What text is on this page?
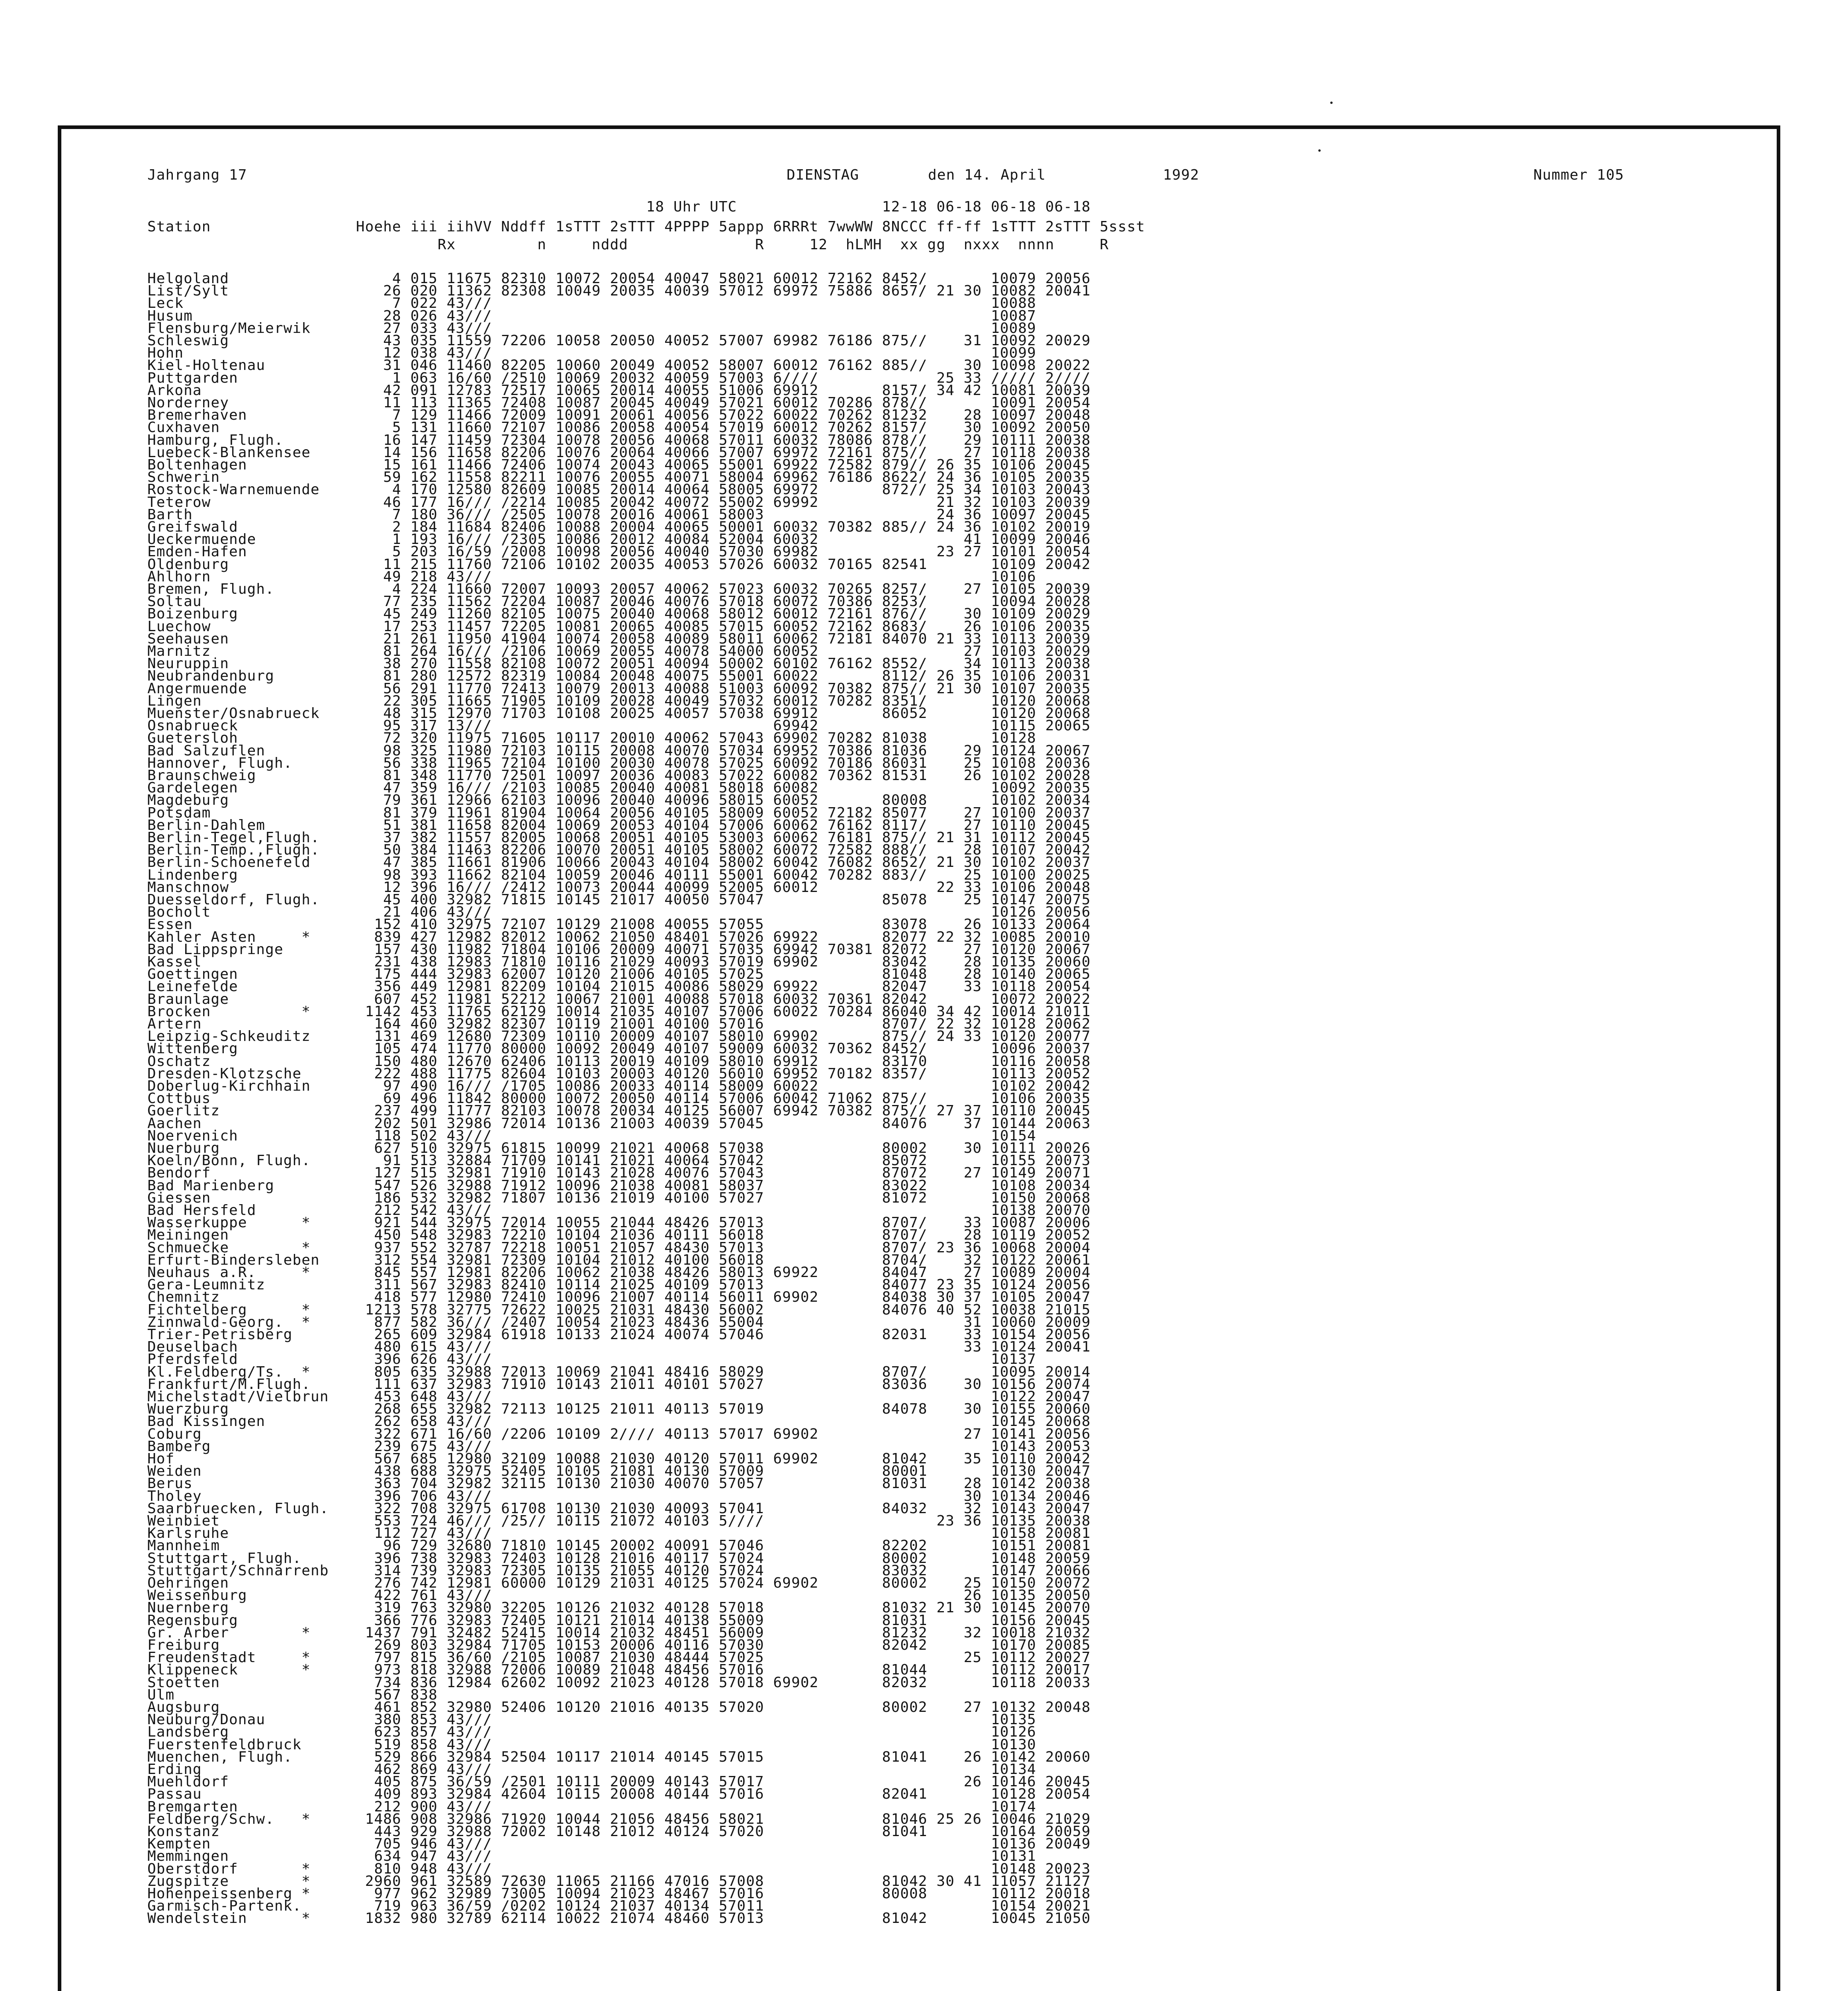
Jahrgang 17	DIENSTAG	den 14. April	1992	Nummer 105

18 Uhr UTC                12-18 06-18 06-18 06-18

Station                Hoehe iii iihVV Nddff 1sTTT 2sTTT 4PPPP 5appp 6RRRt 7wwWW 8NCCC ff-ff 1sTTT 2sTTT 5ssst

Rx         n     nddd              R     12  hLMH  xx gg  nxxx  nnnn     R

Helgoland                  4 015 11675 82310 10072 20054 40047 58021 60012 72162 8452/       10079 20056

List/Sylt                 26 020 11362 82308 10049 20035 40039 57012 69972 75886 8657/ 21 30 10082 20041

Leck                       7 022 43///                                                       10088

Husum                     28 026 43///                                                       10087

Flensburg/Meierwik        27 033 43///                                                       10089

Schleswig                 43 035 11559 72206 10058 20050 40052 57007 69982 76186 875//    31 10092 20029

Hohn                      12 038 43///                                                       10099

Kiel-Holtenau             31 046 11460 82205 10060 20049 40052 58007 60012 76162 885//    30 10098 20022

Puttgarden                 1 063 16/60 /2510 10069 20032 40059 57003 6////             25 33 ///// 2////

Arkona                    42 091 12783 72517 10065 20014 40055 51006 69912       8157/ 34 42 10081 20039

Norderney                 11 113 11365 72408 10087 20045 40049 57021 60012 70286 878//       10091 20054

Bremerhaven                7 129 11466 72009 10091 20061 40056 57022 60022 70262 81232    28 10097 20048

Cuxhaven                   5 131 11660 72107 10086 20058 40054 57019 60012 70262 8157/    30 10092 20050

Hamburg, Flugh.           16 147 11459 72304 10078 20056 40068 57011 60032 78086 878//    29 10111 20038

Luebeck-Blankensee        14 156 11658 82206 10076 20064 40066 57007 69972 72161 875//    27 10118 20038

Boltenhagen               15 161 11466 72406 10074 20043 40065 55001 69922 72582 879// 26 35 10106 20045

Schwerin                  59 162 11558 82211 10076 20055 40071 58004 69962 76186 8622/ 24 36 10105 20035

Rostock-Warnemuende        4 170 12580 82609 10085 20014 40064 58005 69972       872// 25 34 10103 20043

Teterow                   46 177 16/// /2214 10085 20042 40072 55002 69992             21 32 10103 20039

Barth                      7 180 36/// /2505 10078 20016 40061 58003                   24 36 10097 20045

Greifswald                 2 184 11684 82406 10088 20004 40065 50001 60032 70382 885// 24 36 10102 20019

Ueckermuende               1 193 16/// /2305 10086 20012 40084 52004 60032                41 10099 20046

Emden-Hafen                5 203 16/59 /2008 10098 20056 40040 57030 69982             23 27 10101 20054

Oldenburg                 11 215 11760 72106 10102 20035 40053 57026 60032 70165 82541       10109 20042

Ahlhorn                   49 218 43///                                                       10106

Bremen, Flugh.             4 224 11660 72007 10093 20057 40062 57023 60032 70265 8257/    27 10105 20039

Soltau                    77 235 11562 72204 10087 20046 40076 57018 60072 70386 8253/       10094 20028

Boizenburg                45 249 11260 82105 10075 20040 40068 58012 60012 72161 876//    30 10109 20029

Luechow                   17 253 11457 72205 10081 20065 40085 57015 60052 72162 8683/    26 10106 20035

Seehausen                 21 261 11950 41904 10074 20058 40089 58011 60062 72181 84070 21 33 10113 20039

Marnitz                   81 264 16/// /2106 10069 20055 40078 54000 60052                27 10103 20029

Neuruppin                 38 270 11558 82108 10072 20051 40094 50002 60102 76162 8552/    34 10113 20038

Neubrandenburg            81 280 12572 82319 10084 20048 40075 55001 60022       8112/ 26 35 10106 20031

Angermuende               56 291 11770 72413 10079 20013 40088 51003 60092 70382 875// 21 30 10107 20035

Lingen                    22 305 11665 71905 10109 20028 40049 57032 60012 70282 8351/       10120 20068

Muenster/Osnabrueck       48 315 12970 71703 10108 20025 40057 57038 69912       86052       10120 20068

Osnabrueck                95 317 13///                               69942                   10115 20065

Guetersloh                72 320 11975 71605 10117 20010 40062 57043 69902 70282 81038       10128

Bad Salzuflen             98 325 11980 72103 10115 20008 40070 57034 69952 70386 81036    29 10124 20067

Hannover, Flugh.          56 338 11965 72104 10100 20030 40078 57025 60092 70186 86031    25 10108 20036

Braunschweig              81 348 11770 72501 10097 20036 40083 57022 60082 70362 81531    26 10102 20028

Gardelegen                47 359 16/// /2103 10085 20040 40081 58018 60082                   10092 20035

Magdeburg                 79 361 12966 62103 10096 20040 40096 58015 60052       80008       10102 20034

Potsdam                   81 379 11961 81904 10064 20056 40105 58009 60052 72182 85077    27 10100 20037

Berlin-Dahlem             51 381 11658 82004 10069 20053 40104 57006 60062 76162 8117/    27 10110 20045

Berlin-Tegel,Flugh.       37 382 11557 82005 10068 20051 40105 53003 60062 76181 875// 21 31 10112 20045

Berlin-Temp.,Flugh.       50 384 11463 82206 10070 20051 40105 58002 60072 72582 888//    28 10107 20042

Berlin-Schoenefeld        47 385 11661 81906 10066 20043 40104 58002 60042 76082 8652/ 21 30 10102 20037

Lindenberg                98 393 11662 82104 10059 20046 40111 55001 60042 70282 883//    25 10100 20025

Manschnow                 12 396 16/// /2412 10073 20044 40099 52005 60012             22 33 10106 20048

Duesseldorf, Flugh.       45 400 32982 71815 10145 21017 40050 57047             85078    25 10147 20075

Bocholt                   21 406 43///                                                       10126 20056

Essen                    152 410 32975 72107 10129 21008 40055 57055             83078    26 10133 20064

Kahler Asten     *       839 427 12982 82012 10062 21050 48401 57026 69922       82077 22 32 10085 20010

Bad Lippspringe          157 430 11982 71804 10106 20009 40071 57035 69942 70381 82072    27 10120 20067

Kassel                   231 438 12983 71810 10116 21029 40093 57019 69902       83042    28 10135 20060

Goettingen               175 444 32983 62007 10120 21006 40105 57025             81048    28 10140 20065

Leinefelde               356 449 12981 82209 10104 21015 40086 58029 69922       82047    33 10118 20054

Braunlage                607 452 11981 52212 10067 21001 40088 57018 60032 70361 82042       10072 20022

Brocken          *      1142 453 11765 62129 10014 21035 40107 57006 60022 70284 86040 34 42 10014 21011

Artern                   164 460 32982 82307 10119 21001 40100 57016             8707/ 22 32 10128 20062

Leipzig-Schkeuditz       131 469 12680 72309 10110 20009 40107 58010 69902       875// 24 33 10120 20077

Wittenberg               105 474 11770 80000 10092 20049 40107 59009 60032 70362 8452/       10096 20037

Oschatz                  150 480 12670 62406 10113 20019 40109 58010 69912       83170       10116 20058

Dresden-Klotzsche        222 488 11775 82604 10103 20003 40120 56010 69952 70182 8357/       10113 20052

Doberlug-Kirchhain        97 490 16/// /1705 10086 20033 40114 58009 60022                   10102 20042

Cottbus                   69 496 11842 80000 10072 20050 40114 57006 60042 71062 875//       10106 20035

Goerlitz                 237 499 11777 82103 10078 20034 40125 56007 69942 70382 875// 27 37 10110 20045

Aachen                   202 501 32986 72014 10136 21003 40039 57045             84076    37 10144 20063

Noervenich               118 502 43///                                                       10154

Nuerburg                 627 510 32975 61815 10099 21021 40068 57038             80002    30 10111 20026

Koeln/Bonn, Flugh.        91 513 32884 71709 10141 21021 40064 57042             85072       10155 20073

Bendorf                  127 515 32981 71910 10143 21028 40076 57043             87072    27 10149 20071

Bad Marienberg           547 526 32988 71912 10096 21038 40081 58037             83022       10108 20034

Giessen                  186 532 32982 71807 10136 21019 40100 57027             81072       10150 20068

Bad Hersfeld             212 542 43///                                                       10138 20070

Wasserkuppe      *       921 544 32975 72014 10055 21044 48426 57013             8707/    33 10087 20006

Meiningen                450 548 32983 72210 10104 21036 40111 56018             8707/    28 10119 20052

Schmuecke        *       937 552 32787 72218 10051 21057 48430 57013             8707/ 23 36 10068 20004

Erfurt-Bindersleben      312 554 32981 72309 10104 21012 40100 56018             8704/    32 10122 20061

Neuhaus a.R.     *       845 557 12981 82206 10062 21038 48426 58013 69922       84047    27 10089 20004

Gera-Leumnitz            311 567 32983 82410 10114 21025 40109 57013             84077 23 35 10124 20056

Chemnitz                 418 577 12980 72410 10096 21007 40114 56011 69902       84038 30 37 10105 20047

Fichtelberg      *      1213 578 32775 72622 10025 21031 48430 56002             84076 40 52 10038 21015

Zinnwald-Georg.  *       877 582 36/// /2407 10054 21023 48436 55004                      31 10060 20009

Trier-Petrisberg         265 609 32984 61918 10133 21024 40074 57046             82031    33 10154 20056

Deuselbach               480 615 43///                                                    33 10124 20041

Pferdsfeld               396 626 43///                                                       10137

Kl.Feldberg/Ts.  *       805 635 32988 72013 10069 21041 48416 58029             8707/       10095 20014

Frankfurt/M.Flugh.       111 637 32983 71910 10143 21011 40101 57027             83036    30 10156 20074

Michelstadt/Vielbrun     453 648 43///                                                       10122 20047

Wuerzburg                268 655 32982 72113 10125 21011 40113 57019             84078    30 10155 20060

Bad Kissingen            262 658 43///                                                       10145 20068

Coburg                   322 671 16/60 /2206 10109 2//// 40113 57017 69902                27 10141 20056

Bamberg                  239 675 43///                                                       10143 20053

Hof                      567 685 12980 32109 10088 21030 40120 57011 69902       81042    35 10110 20042

Weiden                   438 688 32975 52405 10105 21081 40130 57009             80001       10130 20047

Berus                    363 704 32982 32115 10130 21030 40070 57057             81031    28 10142 20038

Tholey                   396 706 43///                                                    30 10134 20046

Saarbruecken, Flugh.     322 708 32975 61708 10130 21030 40093 57041             84032    32 10143 20047

Weinbiet                 553 724 46/// /25// 10115 21072 40103 5////                   23 36 10135 20038

Karlsruhe                112 727 43///                                                       10158 20081

Mannheim                  96 729 32680 71810 10145 20002 40091 57046             82202       10151 20081

Stuttgart, Flugh.        396 738 32983 72403 10128 21016 40117 57024             80002       10148 20059

Stuttgart/Schnarrenb     314 739 32983 72305 10135 21055 40120 57024             83032       10147 20066

Oehringen                276 742 12981 60000 10129 21031 40125 57024 69902       80002    25 10150 20072

Weissenburg              422 761 43///                                                    26 10135 20050

Nuernberg                319 763 32980 32205 10126 21032 40128 57018             81032 21 30 10145 20070

Regensburg               366 776 32983 72405 10121 21014 40138 55009             81031       10156 20045

Gr. Arber        *      1437 791 32482 52415 10014 21032 48451 56009             81232    32 10018 21032

Freiburg                 269 803 32984 71705 10153 20006 40116 57030             82042       10170 20085

Freudenstadt     *       797 815 36/60 /2105 10087 21030 48444 57025                      25 10112 20027

Klippeneck       *       973 818 32988 72006 10089 21048 48456 57016             81044       10112 20017

Stoetten                 734 836 12984 62602 10092 21023 40128 57018 69902       82032       10118 20033

Ulm                      567 838

Augsburg                 461 852 32980 52406 10120 21016 40135 57020             80002    27 10132 20048

Neuburg/Donau            380 853 43///                                                       10135

Landsberg                623 857 43///                                                       10126

Fuerstenfeldbruck        519 858 43///                                                       10130

Muenchen, Flugh.         529 866 32984 52504 10117 21014 40145 57015             81041    26 10142 20060

Erding                   462 869 43///                                                       10134

Muehldorf                405 875 36/59 /2501 10111 20009 40143 57017                      26 10146 20045

Passau                   409 893 32984 42604 10115 20008 40144 57016             82041       10128 20054

Bremgarten               212 900 43///                                                       10174

Feldberg/Schw.   *      1486 908 32986 71920 10044 21056 48456 58021             81046 25 26 10046 21029

Konstanz                 443 929 32988 72002 10148 21012 40124 57020             81041       10164 20059

Kempten                  705 946 43///                                                       10136 20049

Memmingen                634 947 43///                                                       10131

Oberstdorf       *       810 948 43///                                                       10148 20023

Zugspitze        *      2960 961 32589 72630 11065 21166 47016 57008             81042 30 41 11057 21127

Hohenpeissenberg *       977 962 32989 73005 10094 21023 48467 57016             80008       10112 20018

Garmisch-Partenk.        719 963 36/59 /0202 10124 21037 40134 57011                         10154 20021

Wendelstein      *      1832 980 32789 62114 10022 21074 48460 57013             81042       10045 21050
